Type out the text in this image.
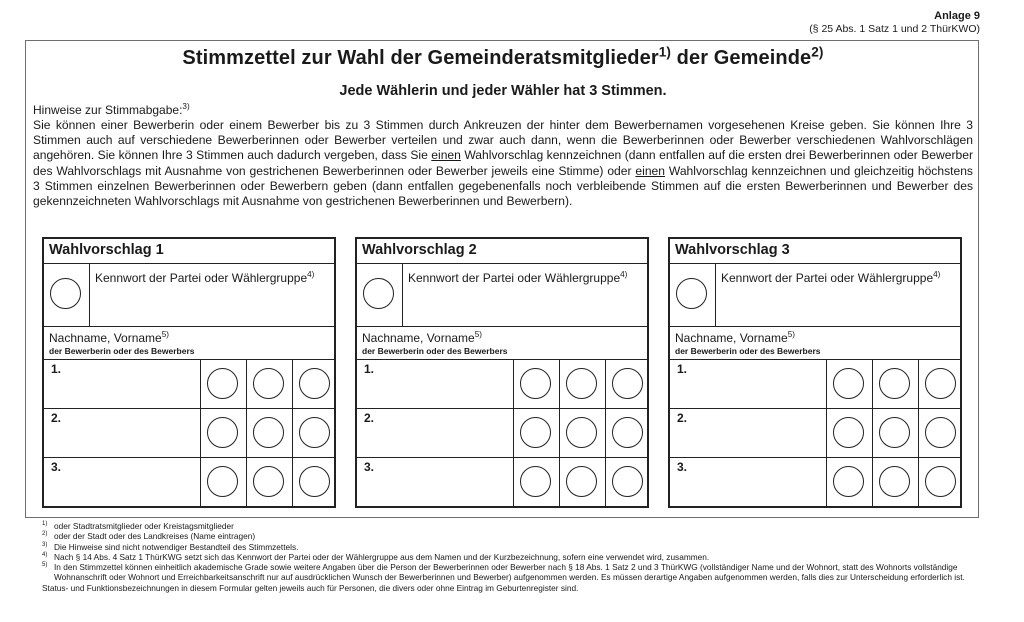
Anlage 9
(§ 25 Abs. 1 Satz 1 und 2 ThürKWO)
Stimmzettel zur Wahl der Gemeinderatsmitglieder$^{1)}$ der Gemeinde$^{2)}$
Jede Wählerin und jeder Wähler hat 3 Stimmen.
Hinweise zur Stimmabgabe:$^{3)}$
Sie können einer Bewerberin oder einem Bewerber bis zu 3 Stimmen durch Ankreuzen der hinter dem Bewerbernamen vorgesehenen Kreise geben. Sie können Ihre 3 Stimmen auch auf verschiedene Bewerberinnen oder Bewerber verteilen und zwar auch dann, wenn die Bewerberinnen oder Bewerber verschiedenen Wahlvorschlägen angehören. Sie können Ihre 3 Stimmen auch dadurch vergeben, dass Sie einen Wahlvorschlag kennzeichnen (dann entfallen auf die ersten drei Bewerberinnen oder Bewerber des Wahlvorschlags mit Ausnahme von gestrichenen Bewerberinnen oder Bewerber jeweils eine Stimme) oder einen Wahlvorschlag kennzeichnen und gleichzeitig höchstens 3 Stimmen einzelnen Bewerberinnen oder Bewerbern geben (dann entfallen gegebenenfalls noch verbleibende Stimmen auf die ersten Bewerberinnen und Bewerber des gekennzeichneten Wahlvorschlags mit Ausnahme von gestrichenen Bewerberinnen und Bewerbern).
Wahlvorschlag 1
Kennwort der Partei oder Wählergruppe$^{4)}$
Nachname, Vorname$^{5)}$
der Bewerberin oder des Bewerbers
1.
2.
3.
Wahlvorschlag 2
Kennwort der Partei oder Wählergruppe$^{4)}$
Nachname, Vorname$^{5)}$
der Bewerberin oder des Bewerbers
1.
2.
3.
Wahlvorschlag 3
Kennwort der Partei oder Wählergruppe$^{4)}$
Nachname, Vorname$^{5)}$
der Bewerberin oder des Bewerbers
1.
2.
3.
1) oder Stadtratsmitglieder oder Kreistagsmitglieder
2) oder der Stadt oder des Landkreises (Name eintragen)
3) Die Hinweise sind nicht notwendiger Bestandteil des Stimmzettels.
4) Nach § 14 Abs. 4 Satz 1 ThürKWG setzt sich das Kennwort der Partei oder der Wählergruppe aus dem Namen und der Kurzbezeichnung, sofern eine verwendet wird, zusammen.
5) In den Stimmzettel können einheitlich akademische Grade sowie weitere Angaben über die Person der Bewerberinnen oder Bewerber nach § 18 Abs. 1 Satz 2 und 3 ThürKWG (vollständiger Name und der Wohnort, statt des Wohnorts vollständige Wohnanschrift oder Wohnort und Erreichbarkeitsanschrift nur auf ausdrücklichen Wunsch der Bewerberinnen und Bewerber) aufgenommen werden. Es müssen derartige Angaben aufgenommen werden, falls dies zur Unterscheidung erforderlich ist.
Status- und Funktionsbezeichnungen in diesem Formular gelten jeweils auch für Personen, die divers oder ohne Eintrag im Geburtenregister sind.
